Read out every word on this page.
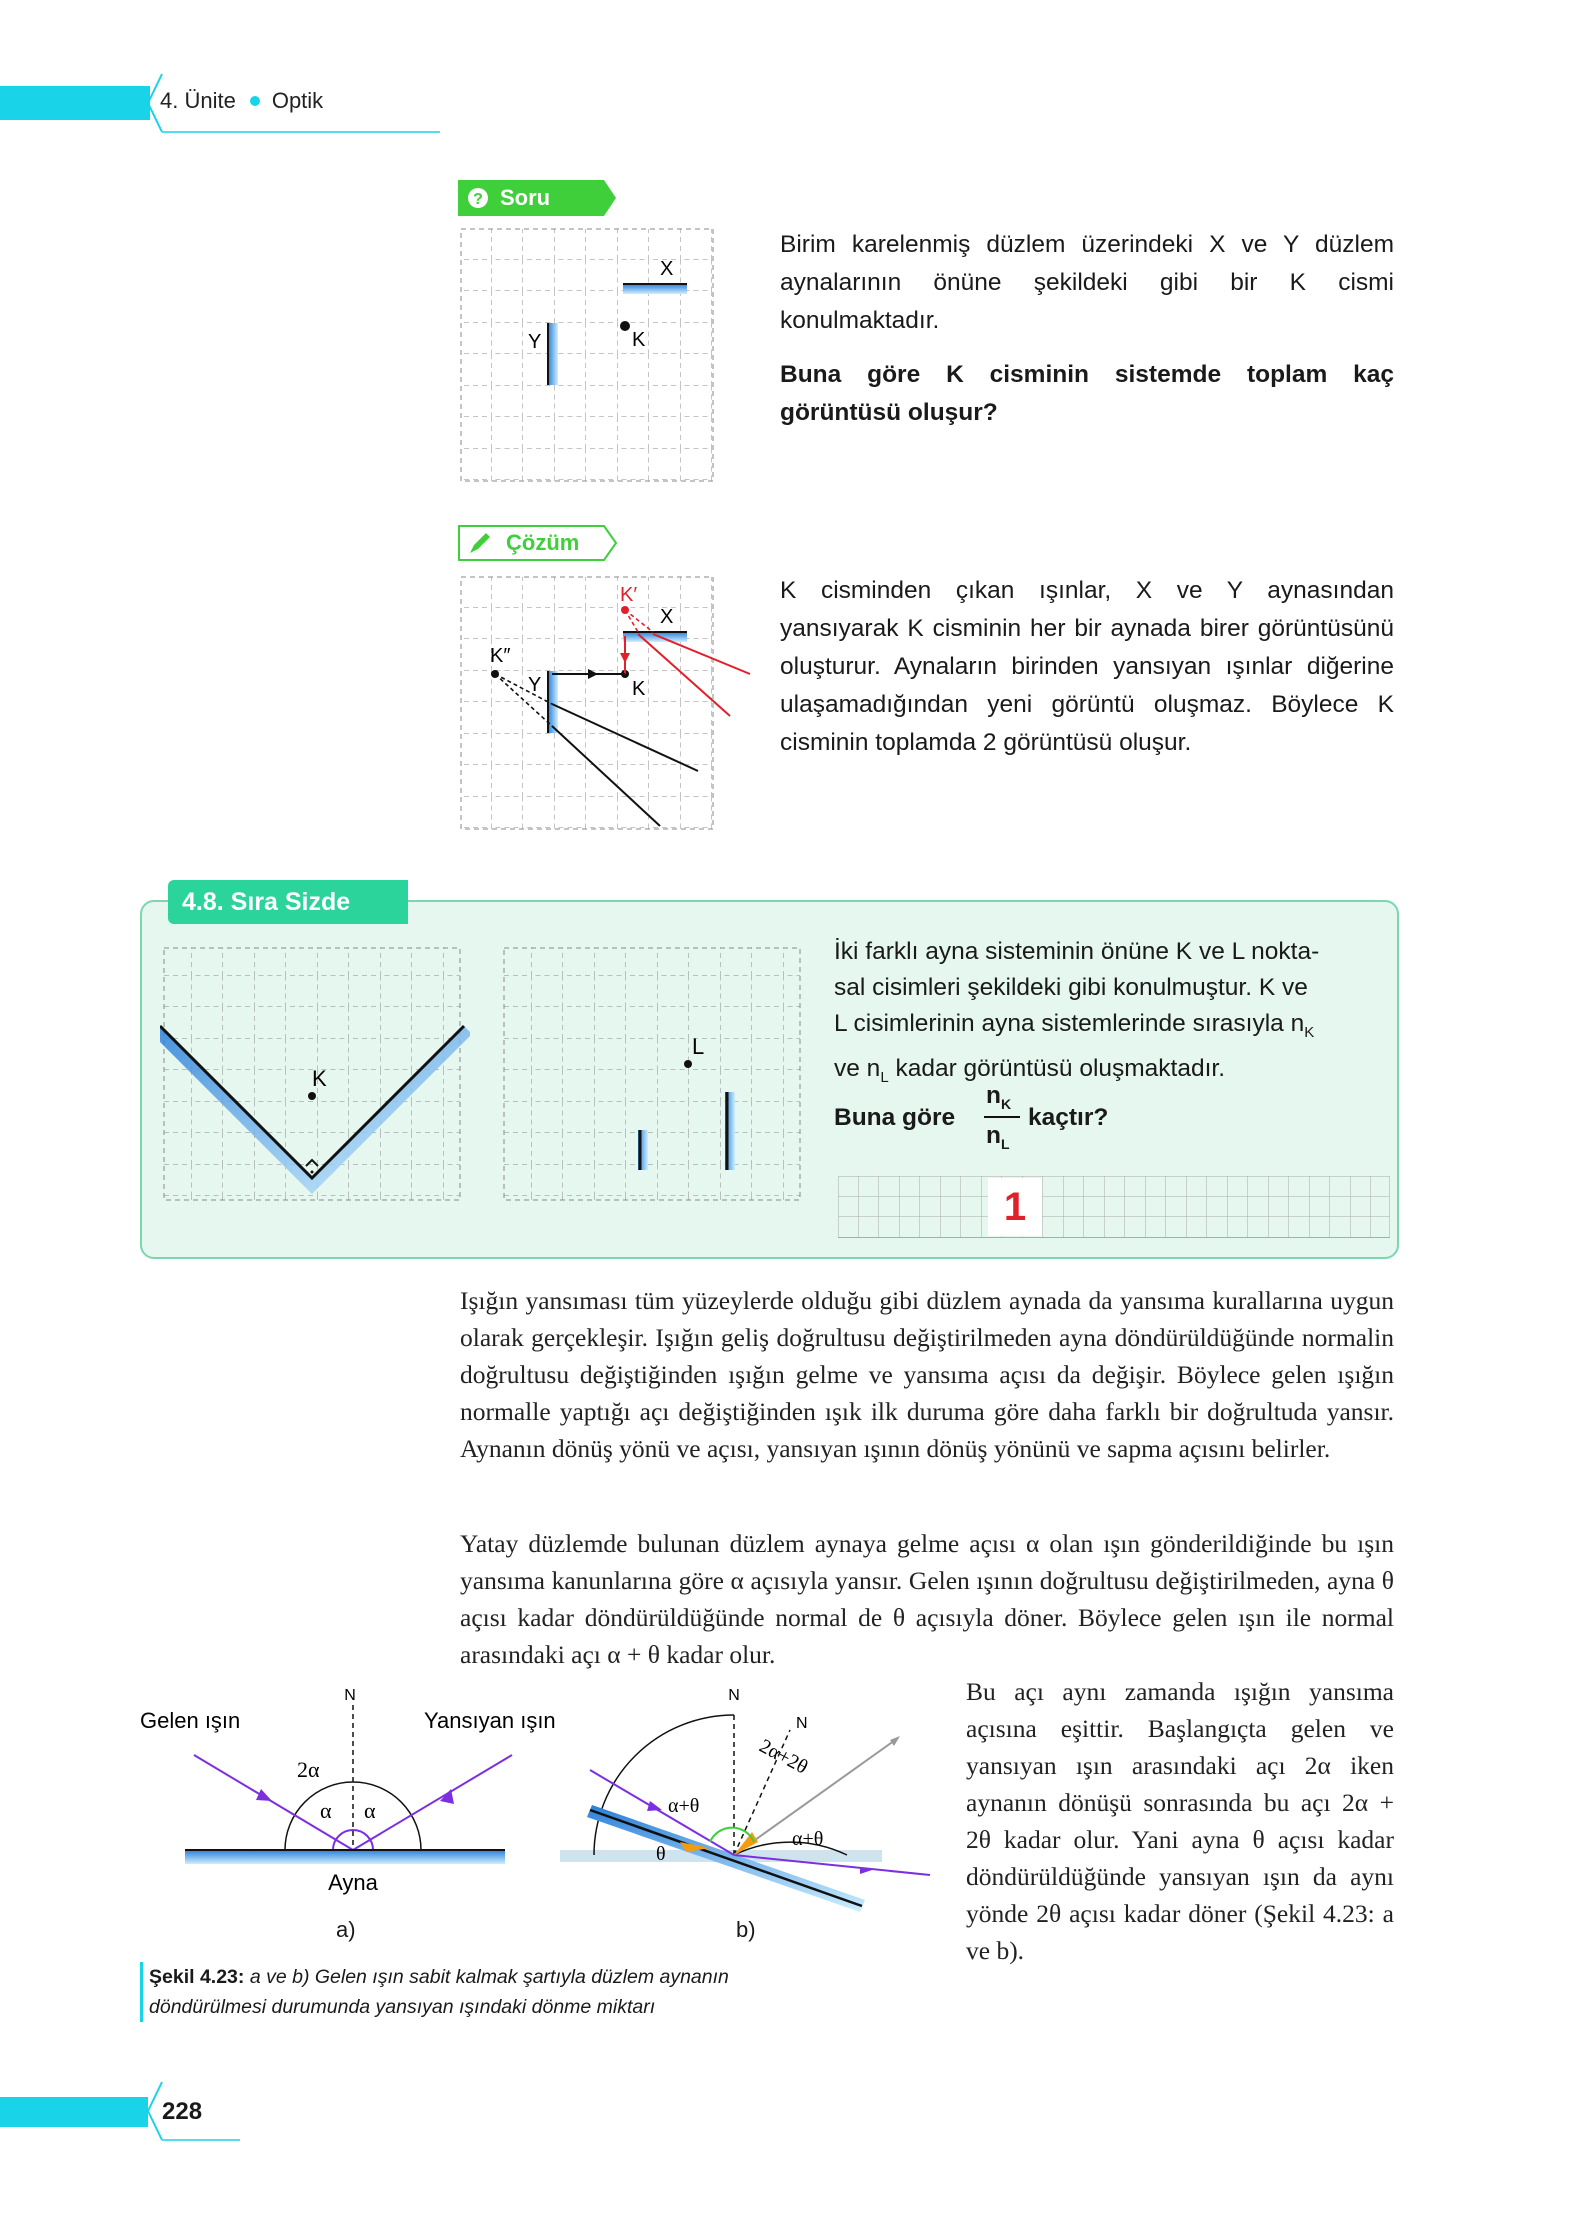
4. Ünite Optik
? Soru
X
Y	K
Birim karelenmiş düzlem üzerindeki X ve Y düzlem aynalarının önüne şekildeki gibi bir K cismi konulmaktadır.
Buna göre K cisminin sistemde toplam kaç görüntüsü oluşur?
Çözüm
K′
K″
X
Y	K
K cisminden çıkan ışınlar, X ve Y aynasından yansıyarak K cisminin her bir aynada birer görüntüsünü oluşturur. Aynaların birinden yansıyan ışınlar diğerine ulaşamadığından yeni görüntü oluşmaz. Böylece K cisminin toplamda 2 görüntüsü oluşur.
4.8. Sıra Sizde
K
L
İki farklı ayna sisteminin önüne K ve L nokta-
sal cisimleri şekildeki gibi konulmuştur. K ve
L cisimlerinin ayna sistemlerinde sırasıyla $n_K$
ve $n_L$ kadar görüntüsü oluşmaktadır.
Buna göre
$n_K$
$n_L$
kaçtır?
1
Işığın yansıması tüm yüzeylerde olduğu gibi düzlem aynada da yansıma kurallarına uygun olarak gerçekleşir. Işığın geliş doğrultusu değiştirilmeden ayna döndürüldüğünde normalin doğrultusu değiştiğinden ışığın gelme ve yansıma açısı da değişir. Böylece gelen ışığın normalle yaptığı açı değiştiğinden ışık ilk duruma göre daha farklı bir doğrultuda yansır. Aynanın dönüş yönü ve açısı, yansıyan ışının dönüş yönünü ve sapma açısını belirler.
Yatay düzlemde bulunan düzlem aynaya gelme açısı α olan ışın gönderildiğinde bu ışın yansıma kanunlarına göre α açısıyla yansır. Gelen ışının doğrultusu değiştirilmeden, ayna θ açısı kadar döndürüldüğünde normal de θ açısıyla döner. Böylece gelen ışın ile normal arasındaki açı α + θ kadar olur.
Bu açı aynı zamanda ışığın yansıma açısına eşittir. Başlangıçta gelen ve yansıyan ışın arasındaki açı 2α iken aynanın dönüşü sonrasında bu açı 2α + 2θ kadar olur. Yani ayna θ açısı kadar döndürüldüğünde yansıyan ışın da aynı yönde 2θ açısı kadar döner (Şekil 4.23: a ve b).
N
Gelen ışın	Yansıyan ışın
2α
α α
Ayna
a)
N
N
2α+2θ
α+θ
α+θ
θ
b)
Şekil 4.23: a ve b) Gelen ışın sabit kalmak şartıyla düzlem aynanın döndürülmesi durumunda yansıyan ışındaki dönme miktarı
228
